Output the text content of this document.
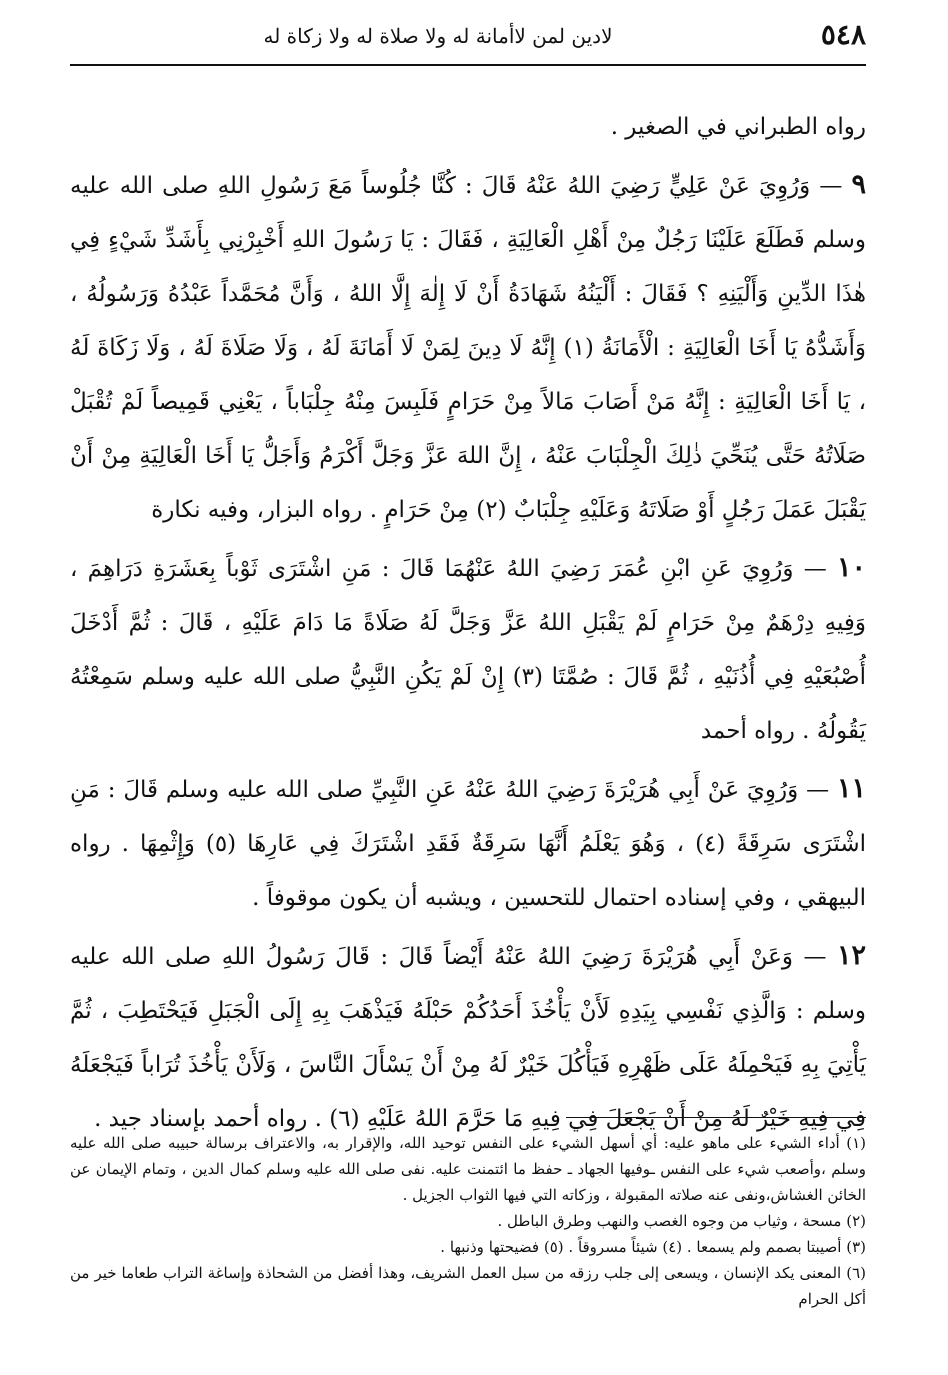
٥٤٨
لادين لمن لاأمانة له ولا صلاة له ولا زكاة له

رواه الطبراني في الصغير .

٩ — وَرُوِيَ عَنْ عَلِيٍّ رَضِيَ اللهُ عَنْهُ قَالَ : كُنَّا جُلُوساً مَعَ رَسُولِ اللهِ صلى الله عليه وسلم فَطَلَعَ عَلَيْنَا رَجُلٌ مِنْ أَهْلِ الْعَالِيَةِ ، فَقَالَ : يَا رَسُولَ اللهِ أَخْبِرْنِي بِأَشَدِّ شَيْءٍ فِي هٰذَا الدِّينِ وَأَلْيَنِهِ ؟ فَقَالَ : أَلْيَنُهُ شَهَادَةُ أَنْ لَا إِلٰهَ إِلَّا اللهُ ، وَأَنَّ مُحَمَّداً عَبْدُهُ وَرَسُولُهُ ، وَأَشَدُّهُ يَا أَخَا الْعَالِيَةِ : الْأَمَانَةُ (١) إِنَّهُ لَا دِينَ لِمَنْ لَا أَمَانَةَ لَهُ ، وَلَا صَلَاةَ لَهُ ، وَلَا زَكَاةَ لَهُ ، يَا أَخَا الْعَالِيَةِ : إِنَّهُ مَنْ أَصَابَ مَالاً مِنْ حَرَامٍ فَلَبِسَ مِنْهُ جِلْبَاباً ، يَعْنِي قَمِيصاً لَمْ تُقْبَلْ صَلَاتُهُ حَتَّى يُنَحِّيَ ذٰلِكَ الْجِلْبَابَ عَنْهُ ، إِنَّ اللهَ عَزَّ وَجَلَّ أَكْرَمُ وَأَجَلُّ يَا أَخَا الْعَالِيَةِ مِنْ أَنْ يَقْبَلَ عَمَلَ رَجُلٍ أَوْ صَلَاتَهُ وَعَلَيْهِ جِلْبَابٌ (٢) مِنْ حَرَامٍ . رواه البزار، وفيه نكارة

١٠ — وَرُوِيَ عَنِ ابْنِ عُمَرَ رَضِيَ اللهُ عَنْهُمَا قَالَ : مَنِ اشْتَرَى ثَوْباً بِعَشَرَةِ دَرَاهِمَ ، وَفِيهِ دِرْهَمٌ مِنْ حَرَامٍ لَمْ يَقْبَلِ اللهُ عَزَّ وَجَلَّ لَهُ صَلَاةً مَا دَامَ عَلَيْهِ ، قَالَ : ثُمَّ أَدْخَلَ أُصْبُعَيْهِ فِي أُذُنَيْهِ ، ثُمَّ قَالَ : صُمَّتَا (٣) إِنْ لَمْ يَكُنِ النَّبِيُّ صلى الله عليه وسلم سَمِعْتُهُ يَقُولُهُ . رواه أحمد

١١ — وَرُوِيَ عَنْ أَبِي هُرَيْرَةَ رَضِيَ اللهُ عَنْهُ عَنِ النَّبِيِّ صلى الله عليه وسلم قَالَ : مَنِ اشْتَرَى سَرِقَةً (٤) ، وَهُوَ يَعْلَمُ أَنَّهَا سَرِقَةٌ فَقَدِ اشْتَرَكَ فِي عَارِهَا (٥) وَإِثْمِهَا . رواه البيهقي ، وفي إسناده احتمال للتحسين ، ويشبه أن يكون موقوفاً .

١٢ — وَعَنْ أَبِي هُرَيْرَةَ رَضِيَ اللهُ عَنْهُ أَيْضاً قَالَ : قَالَ رَسُولُ اللهِ صلى الله عليه وسلم : وَالَّذِي نَفْسِي بِيَدِهِ لَأَنْ يَأْخُذَ أَحَدُكُمْ حَبْلَهُ فَيَذْهَبَ بِهِ إِلَى الْجَبَلِ فَيَحْتَطِبَ ، ثُمَّ يَأْتِيَ بِهِ فَيَحْمِلَهُ عَلَى ظَهْرِهِ فَيَأْكُلَ خَيْرٌ لَهُ مِنْ أَنْ يَسْأَلَ النَّاسَ ، وَلَأَنْ يَأْخُذَ تُرَاباً فَيَجْعَلَهُ فِي فِيهِ خَيْرٌ لَهُ مِنْ أَنْ يَجْعَلَ فِي فِيهِ مَا حَرَّمَ اللهُ عَلَيْهِ (٦) . رواه أحمد بإسناد جيد .

(١) أداء الشيء على ماهو عليه: أي أسهل الشيء على النفس توحيد الله، والإقرار به، والاعتراف برسالة حبيبه صلى الله عليه وسلم ،وأصعب شيء على النفس ـوفيها الجهاد ـ حفظ ما ائتمنت عليه. نفى صلى الله عليه وسلم كمال الدين ، وتمام الإيمان عن الخائن الغشاش،ونفى عنه صلاته المقبولة ، وزكاته التي فيها الثواب الجزيل .

(٢) مسحة ، وثياب من وجوه الغصب والنهب وطرق الباطل .

(٣) أصيبتا بصمم ولم يسمعا . (٤) شيئاً مسروقاً . (٥) فضيحتها وذنبها .

(٦) المعنى يكد الإنسان ، ويسعى إلى جلب رزقه من سبل العمل الشريف، وهذا أفضل من الشحاذة وإساغة التراب طعاما خير من أكل الحرام
